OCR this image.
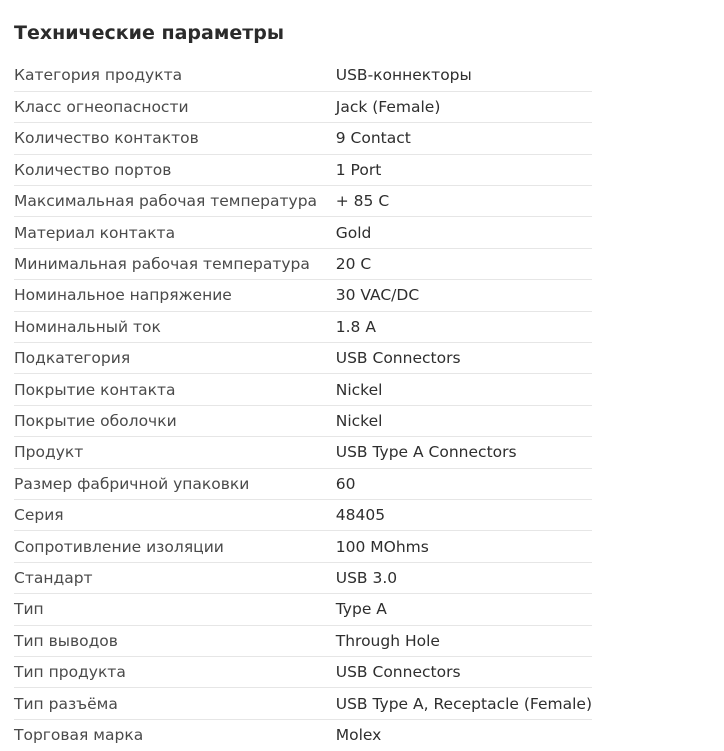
Технические параметры
Категория продукта	USB-коннекторы
Класс огнеопасности	Jack (Female)
Количество контактов	9 Contact
Количество портов	1 Port
Максимальная рабочая температура	+ 85 C
Материал контакта	Gold
Минимальная рабочая температура	20 C
Номинальное напряжение	30 VAC/DC
Номинальный ток	1.8 A
Подкатегория	USB Connectors
Покрытие контакта	Nickel
Покрытие оболочки	Nickel
Продукт	USB Type A Connectors
Размер фабричной упаковки	60
Серия	48405
Сопротивление изоляции	100 MOhms
Стандарт	USB 3.0
Тип	Type A
Тип выводов	Through Hole
Тип продукта	USB Connectors
Тип разъёма	USB Type A, Receptacle (Female)
Торговая марка	Molex
